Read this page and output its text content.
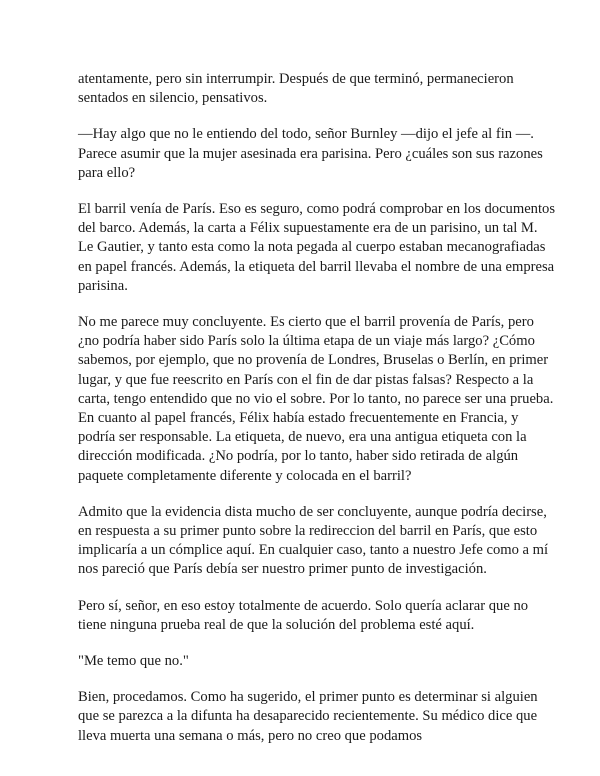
atentamente, pero sin interrumpir. Después de que terminó, permanecieron sentados en silencio, pensativos.

—Hay algo que no le entiendo del todo, señor Burnley —dijo el jefe al fin —. Parece asumir que la mujer asesinada era parisina. Pero ¿cuáles son sus razones para ello?

El barril venía de París. Eso es seguro, como podrá comprobar en los documentos del barco. Además, la carta a Félix supuestamente era de un parisino, un tal M. Le Gautier, y tanto esta como la nota pegada al cuerpo estaban mecanografiadas en papel francés. Además, la etiqueta del barril llevaba el nombre de una empresa parisina.

No me parece muy concluyente. Es cierto que el barril provenía de París, pero ¿no podría haber sido París solo la última etapa de un viaje más largo? ¿Cómo sabemos, por ejemplo, que no provenía de Londres, Bruselas o Berlín, en primer lugar, y que fue reescrito en París con el fin de dar pistas falsas? Respecto a la carta, tengo entendido que no vio el sobre. Por lo tanto, no parece ser una prueba. En cuanto al papel francés, Félix había estado frecuentemente en Francia, y podría ser responsable. La etiqueta, de nuevo, era una antigua etiqueta con la dirección modificada. ¿No podría, por lo tanto, haber sido retirada de algún paquete completamente diferente y colocada en el barril?

Admito que la evidencia dista mucho de ser concluyente, aunque podría decirse, en respuesta a su primer punto sobre la redireccion del barril en París, que esto implicaría a un cómplice aquí. En cualquier caso, tanto a nuestro Jefe como a mí nos pareció que París debía ser nuestro primer punto de investigación.

Pero sí, señor, en eso estoy totalmente de acuerdo. Solo quería aclarar que no tiene ninguna prueba real de que la solución del problema esté aquí.

"Me temo que no."

Bien, procedamos. Como ha sugerido, el primer punto es determinar si alguien que se parezca a la difunta ha desaparecido recientemente. Su médico dice que lleva muerta una semana o más, pero no creo que podamos
